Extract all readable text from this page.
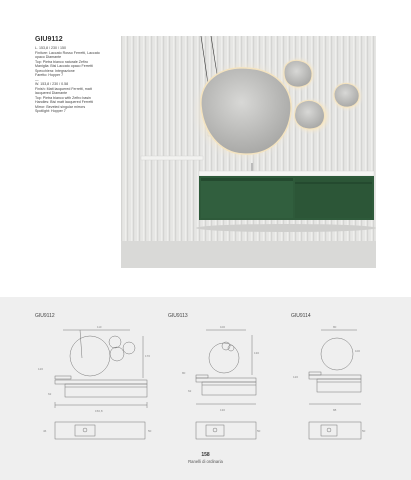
GIU9112
L. 153,8 / 230 / 150
Finiture: Laccato Rosso Ferretti, Laccato
opaco Diamante
Top: Pietra bianco naturale Zefiro
Maniglia: Bisi Laccato opaco Ferretti
Specchiera: Integrazione
Faretto: Hopper 7
—
W. 153,8 / 230 / 0.58
Finish: Matt lacquered Ferretti, matt
lacquered Diamante
Top: Pietra bianco with Zefiro basin
Handles: Bisi matt lacquered Ferretti
Mirror: Beveled singular mirrors
Spotlight: Hopper 7
GIU9112	GIU9113	GIU9114
110
170
120
62
150,8
46	50
100
130
80
130
62
50
80
120
88
50
100
158
Ranelli di ordinaria
